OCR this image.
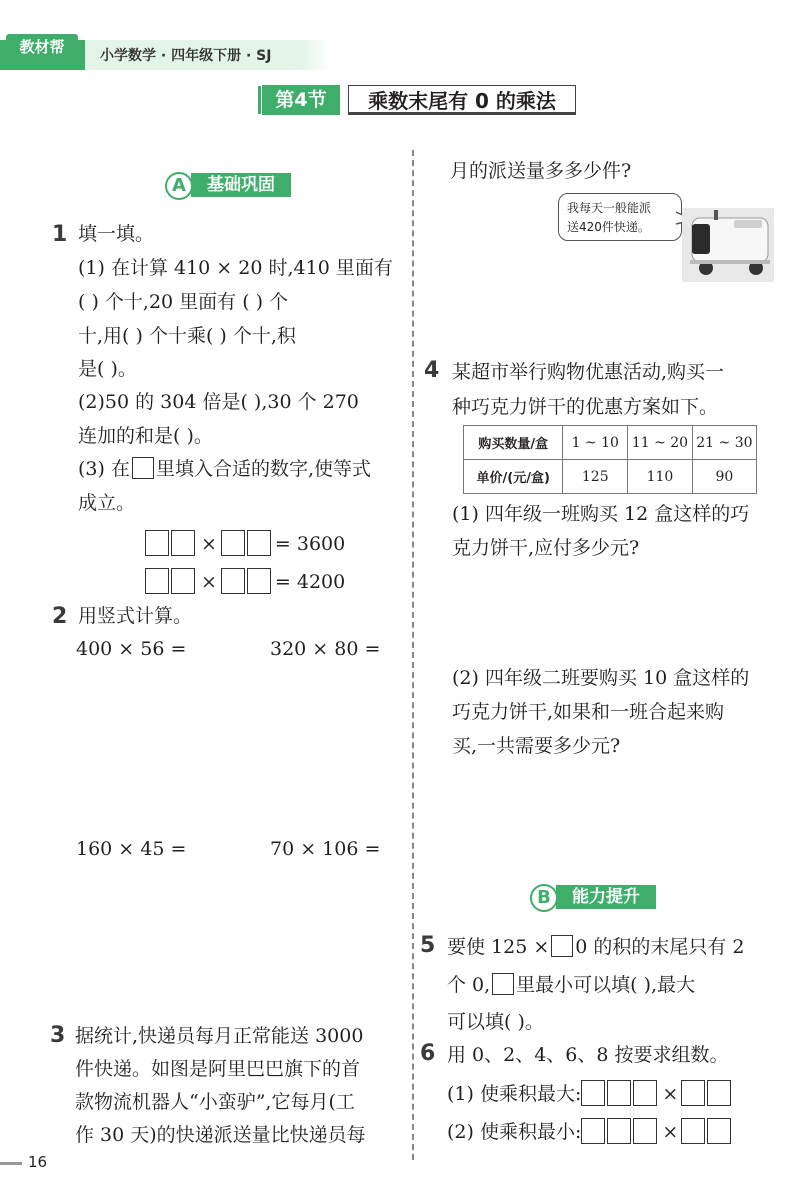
教材帮	小学数学 · 四年级下册 · SJ
第4节	乘数末尾有 0 的乘法
A	基础巩固
1 填一填。
(1) 在计算 410 × 20 时,410 里面有
( ) 个十,20 里面有 ( ) 个
十,用( ) 个十乘( ) 个十,积
是( )。
(2)50 的 304 倍是( ),30 个 270
连加的和是( )。
(3) 在 里填入合适的数字,使等式
成立。
×	= 3600
×	= 4200
2 用竖式计算。
400 × 56 =	320 × 80 =
160 × 45 =	70 × 106 =
3 据统计,快递员每月正常能送 3000
件快递。如图是阿里巴巴旗下的首
款物流机器人“小蛮驴”,它每月(工
作 30 天)的快递派送量比快递员每
月的派送量多多少件?
我每天一般能派
送420件快递。
4 某超市举行购物优惠活动,购买一
种巧克力饼干的优惠方案如下。
购买数量/盒	1 ~ 10	11 ~ 20	21 ~ 30
单价/(元/盒)	125	110	90
(1) 四年级一班购买 12 盒这样的巧
克力饼干,应付多少元?
(2) 四年级二班要购买 10 盒这样的
巧克力饼干,如果和一班合起来购
买,一共需要多少元?
B	能力提升
5 要使 125 × 0 的积的末尾只有 2
个 0, 里最小可以填( ),最大
可以填( )。
6 用 0、2、4、6、8 按要求组数。
(1) 使乘积最大:	×
(2) 使乘积最小:	×
16
